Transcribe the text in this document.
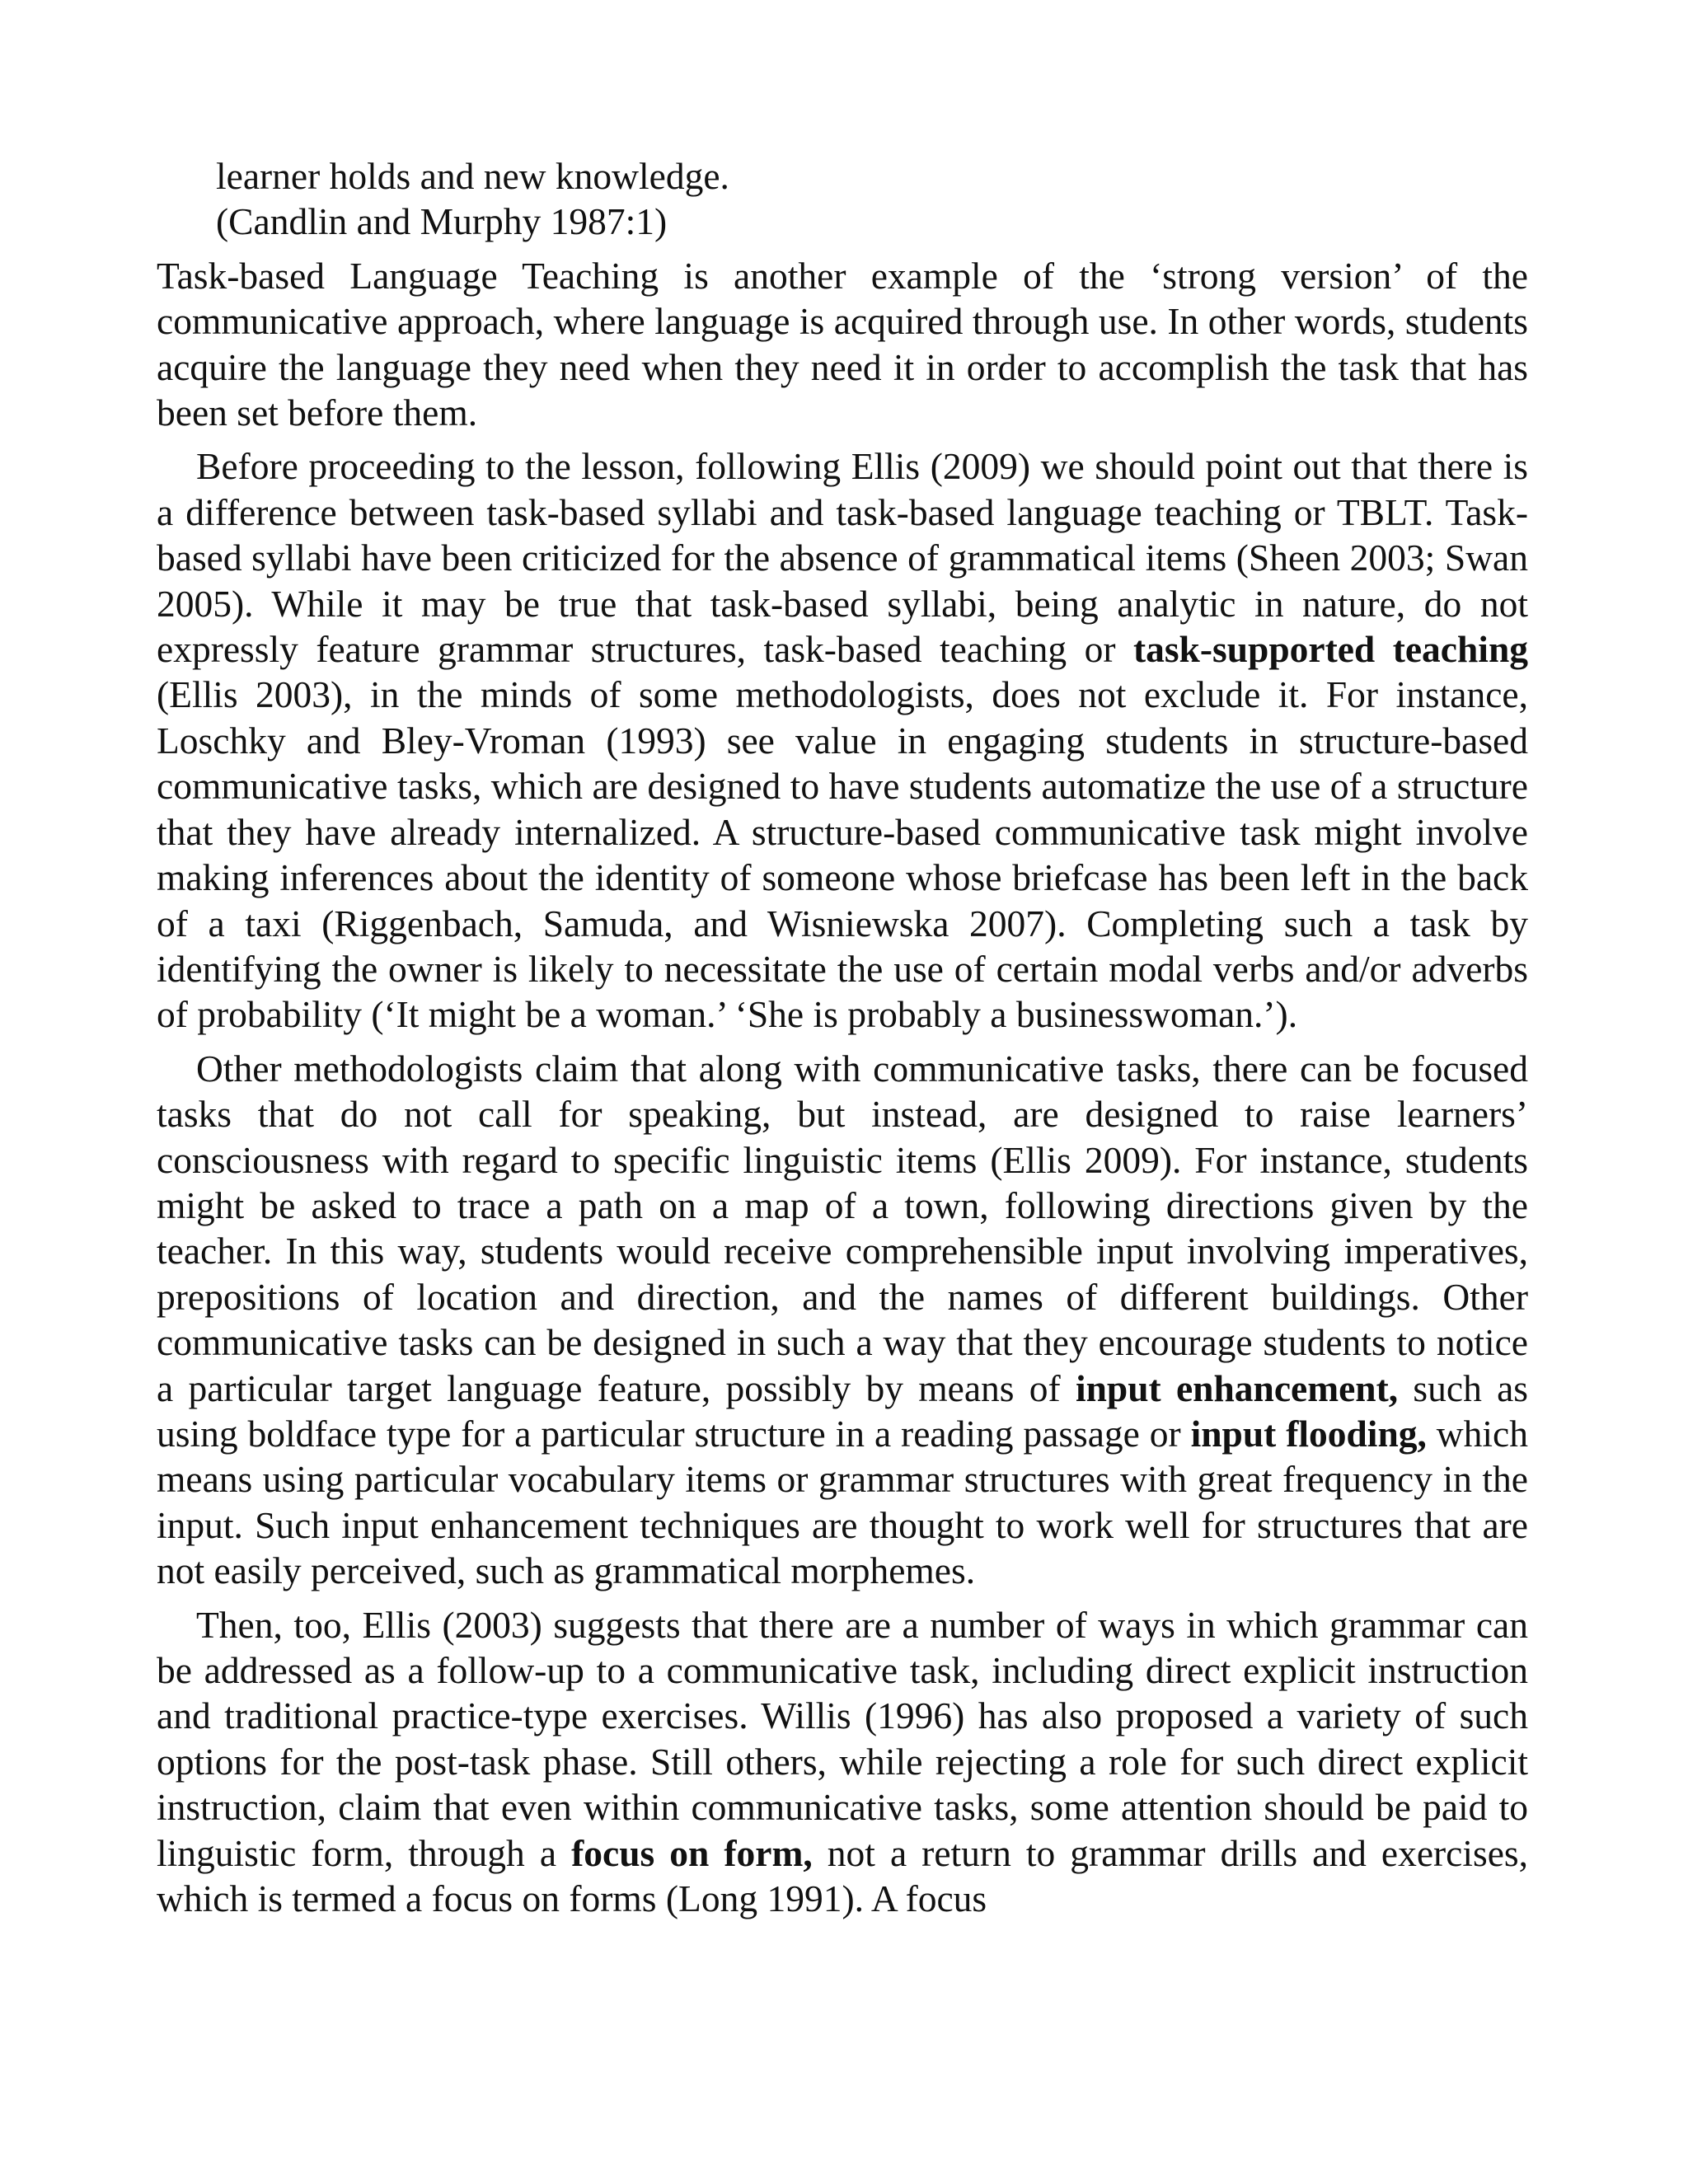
learner holds and new knowledge.
(Candlin and Murphy 1987:1)

Task-based Language Teaching is another example of the ‘strong version’ of the communicative approach, where language is acquired through use. In other words, students acquire the language they need when they need it in order to accomplish the task that has been set before them.

Before proceeding to the lesson, following Ellis (2009) we should point out that there is a difference between task-based syllabi and task-based language teaching or TBLT. Task-based syllabi have been criticized for the absence of grammatical items (Sheen 2003; Swan 2005). While it may be true that task-based syllabi, being analytic in nature, do not expressly feature grammar structures, task-based teaching or task-supported teaching (Ellis 2003), in the minds of some methodologists, does not exclude it. For instance, Loschky and Bley-Vroman (1993) see value in engaging students in structure-based communicative tasks, which are designed to have students automatize the use of a structure that they have already internalized. A structure-based communicative task might involve making inferences about the identity of someone whose briefcase has been left in the back of a taxi (Riggenbach, Samuda, and Wisniewska 2007). Completing such a task by identifying the owner is likely to necessitate the use of certain modal verbs and/or adverbs of probability (‘It might be a woman.’ ‘She is probably a businesswoman.’).

Other methodologists claim that along with communicative tasks, there can be focused tasks that do not call for speaking, but instead, are designed to raise learners’ consciousness with regard to specific linguistic items (Ellis 2009). For instance, students might be asked to trace a path on a map of a town, following directions given by the teacher. In this way, students would receive comprehensible input involving imperatives, prepositions of location and direction, and the names of different buildings. Other communicative tasks can be designed in such a way that they encourage students to notice a particular target language feature, possibly by means of input enhancement, such as using boldface type for a particular structure in a reading passage or input flooding, which means using particular vocabulary items or grammar structures with great frequency in the input. Such input enhancement techniques are thought to work well for structures that are not easily perceived, such as grammatical morphemes.

Then, too, Ellis (2003) suggests that there are a number of ways in which grammar can be addressed as a follow-up to a communicative task, including direct explicit instruction and traditional practice-type exercises. Willis (1996) has also proposed a variety of such options for the post-task phase. Still others, while rejecting a role for such direct explicit instruction, claim that even within communicative tasks, some attention should be paid to linguistic form, through a focus on form, not a return to grammar drills and exercises, which is termed a focus on forms (Long 1991). A focus
